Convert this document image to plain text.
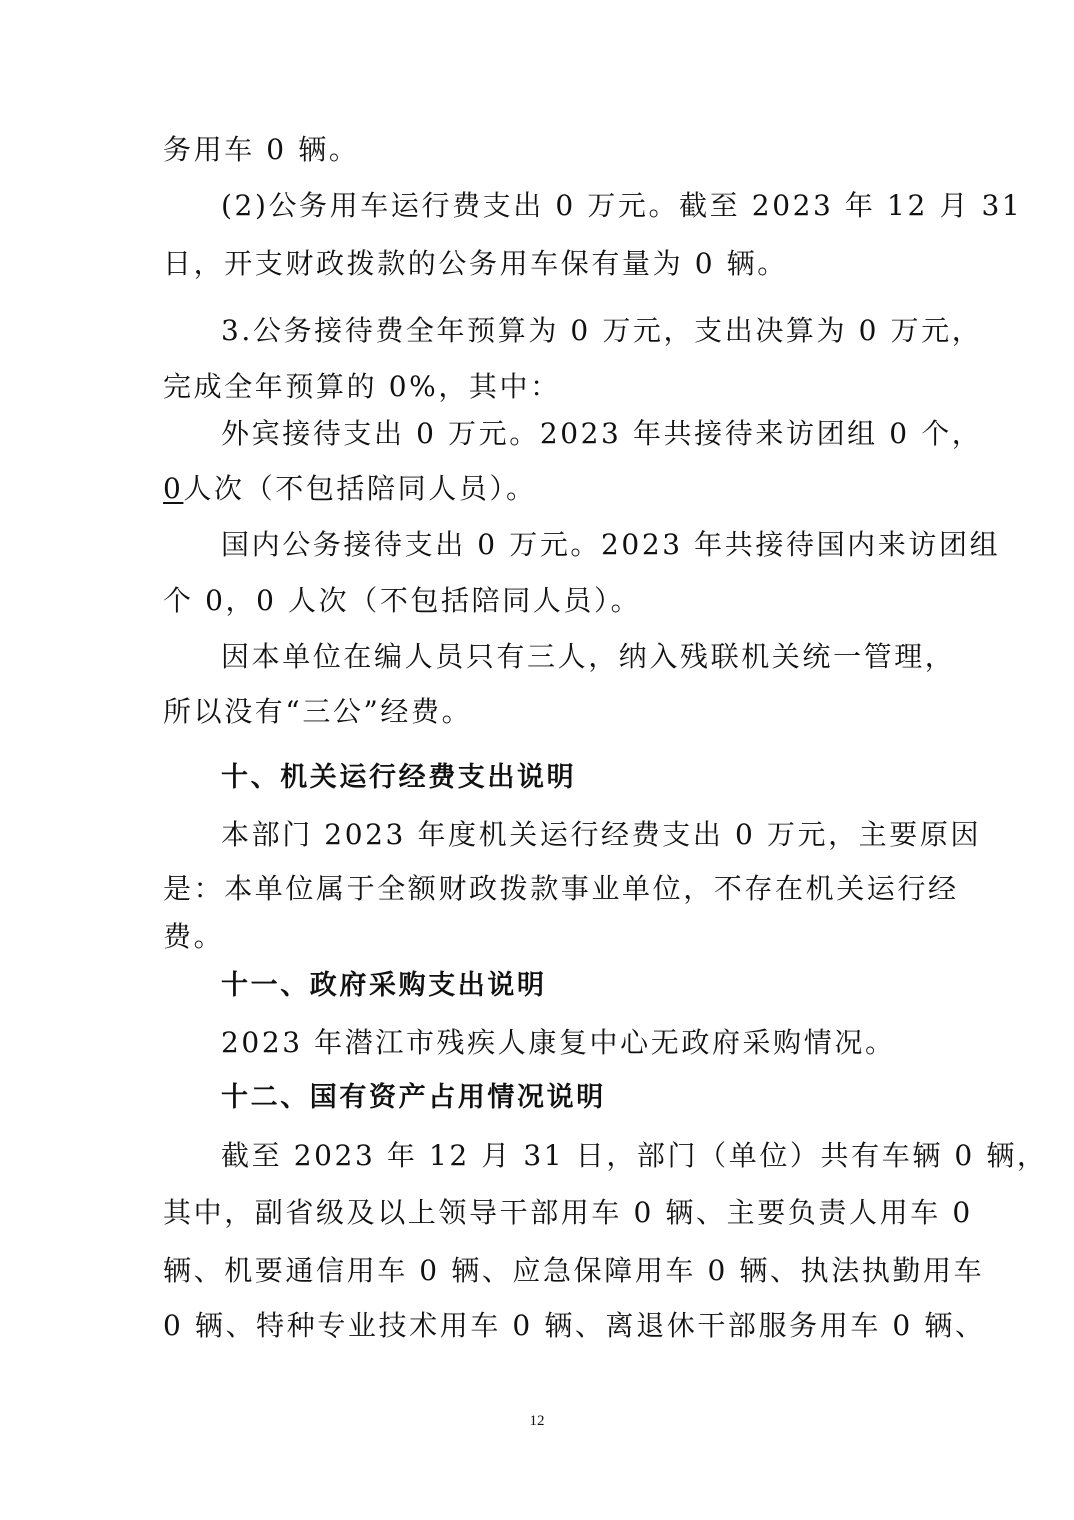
务用车 0 辆。
(2)公务用车运行费支出 0 万元。截至 2023 年 12 月 31
日，开支财政拨款的公务用车保有量为 0 辆。
3.公务接待费全年预算为 0 万元，支出决算为 0 万元，
完成全年预算的 0%，其中：
外宾接待支出 0 万元。2023 年共接待来访团组 0 个，
0人次（不包括陪同人员）。
国内公务接待支出 0 万元。2023 年共接待国内来访团组
个 0，0 人次（不包括陪同人员）。
因本单位在编人员只有三人，纳入残联机关统一管理，
所以没有“三公”经费。
十、机关运行经费支出说明
本部门 2023 年度机关运行经费支出 0 万元，主要原因
是：本单位属于全额财政拨款事业单位，不存在机关运行经
费。
十一、政府采购支出说明
2023 年潜江市残疾人康复中心无政府采购情况。
十二、国有资产占用情况说明
截至 2023 年 12 月 31 日，部门（单位）共有车辆 0 辆，
其中，副省级及以上领导干部用车 0 辆、主要负责人用车 0
辆、机要通信用车 0 辆、应急保障用车 0 辆、执法执勤用车
0 辆、特种专业技术用车 0 辆、离退休干部服务用车 0 辆、
12
